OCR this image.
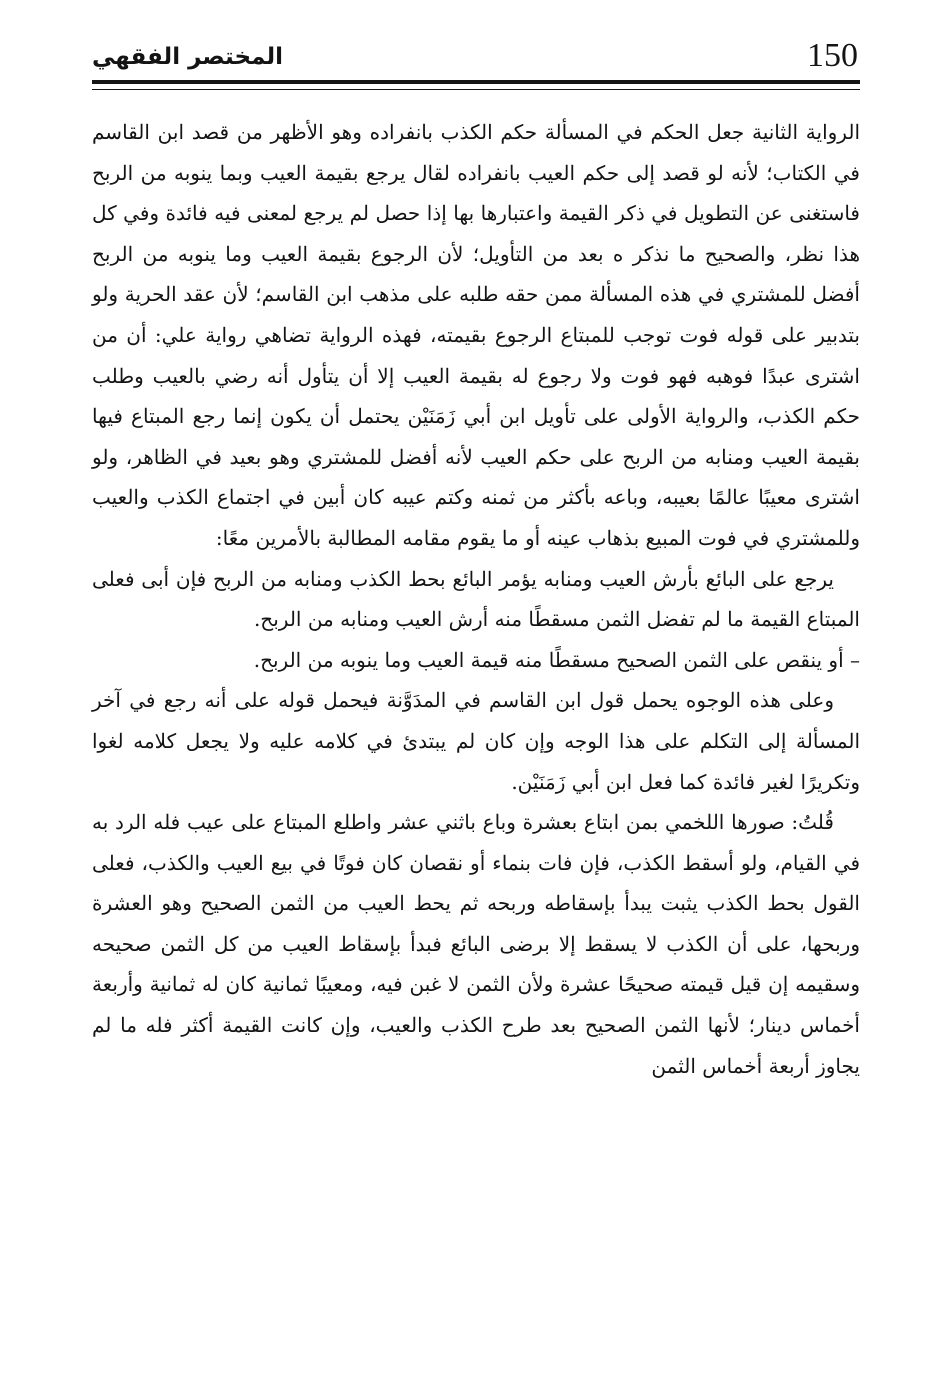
150
المختصر الفقهي

الرواية الثانية جعل الحكم في المسألة حكم الكذب بانفراده وهو الأظهر من قصد ابن القاسم في الكتاب؛ لأنه لو قصد إلى حكم العيب بانفراده لقال يرجع بقيمة العيب وبما ينوبه من الربح فاستغنى عن التطويل في ذكر القيمة واعتبارها بها إذا حصل لم يرجع لمعنى فيه فائدة وفي كل هذا نظر، والصحيح ما نذكر ه بعد من التأويل؛ لأن الرجوع بقيمة العيب وما ينوبه من الربح أفضل للمشتري في هذه المسألة ممن حقه طلبه على مذهب ابن القاسم؛ لأن عقد الحرية ولو بتدبير على قوله فوت توجب للمبتاع الرجوع بقيمته، فهذه الرواية تضاهي رواية علي: أن من اشترى عبدًا فوهبه فهو فوت ولا رجوع له بقيمة العيب إلا أن يتأول أنه رضي بالعيب وطلب حكم الكذب، والرواية الأولى على تأويل ابن أبي زَمَنَيْن يحتمل أن يكون إنما رجع المبتاع فيها بقيمة العيب ومنابه من الربح على حكم العيب لأنه أفضل للمشتري وهو بعيد في الظاهر، ولو اشترى معيبًا عالمًا بعيبه، وباعه بأكثر من ثمنه وكتم عيبه كان أبين في اجتماع الكذب والعيب وللمشتري في فوت المبيع بذهاب عينه أو ما يقوم مقامه المطالبة بالأمرين معًا:

يرجع على البائع بأرش العيب ومنابه يؤمر البائع بحط الكذب ومنابه من الربح فإن أبى فعلى المبتاع القيمة ما لم تفضل الثمن مسقطًا منه أرش العيب ومنابه من الربح.

– أو ينقص على الثمن الصحيح مسقطًا منه قيمة العيب وما ينوبه من الربح.

وعلى هذه الوجوه يحمل قول ابن القاسم في المدَوَّنة فيحمل قوله على أنه رجع في آخر المسألة إلى التكلم على هذا الوجه وإن كان لم يبتدئ في كلامه عليه ولا يجعل كلامه لغوا وتكريرًا لغير فائدة كما فعل ابن أبي زَمَنَيْن.

قُلتُ: صورها اللخمي بمن ابتاع بعشرة وباع باثني عشر واطلع المبتاع على عيب فله الرد به في القيام، ولو أسقط الكذب، فإن فات بنماء أو نقصان كان فوتًا في بيع العيب والكذب، فعلى القول بحط الكذب يثبت يبدأ بإسقاطه وربحه ثم يحط العيب من الثمن الصحيح وهو العشرة وربحها، على أن الكذب لا يسقط إلا برضى البائع فبدأ بإسقاط العيب من كل الثمن صحيحه وسقيمه إن قيل قيمته صحيحًا عشرة ولأن الثمن لا غبن فيه، ومعيبًا ثمانية كان له ثمانية وأربعة أخماس دينار؛ لأنها الثمن الصحيح بعد طرح الكذب والعيب، وإن كانت القيمة أكثر فله ما لم يجاوز أربعة أخماس الثمن
